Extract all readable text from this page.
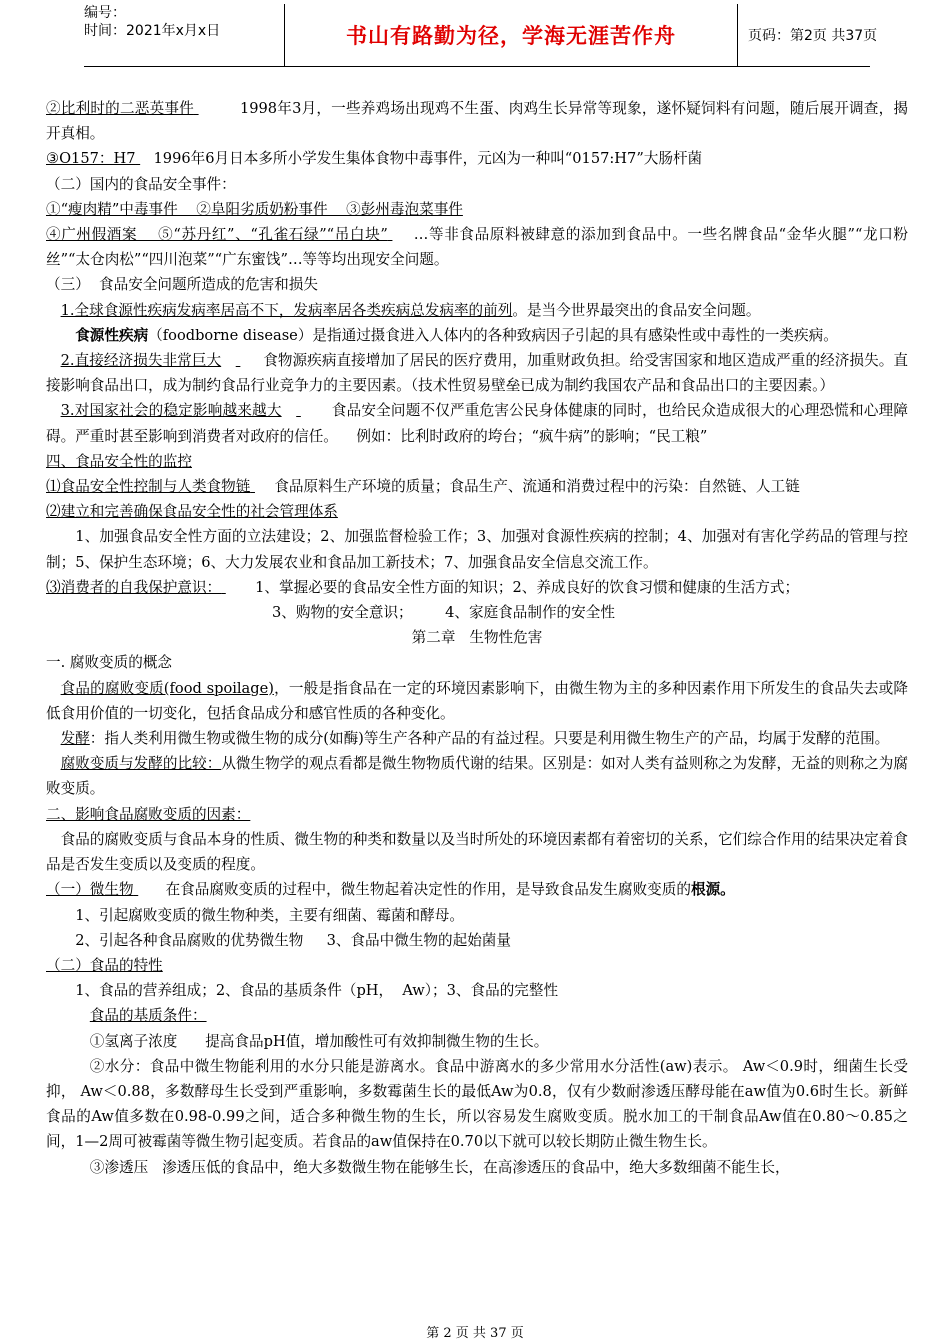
编号：
时间：2021年x月x日	书山有路勤为径，学海无涯苦作舟	页码：第2页 共37页

②比利时的二恶英事件	1998年3月，一些养鸡场出现鸡不生蛋、肉鸡生长异常等现象，遂怀疑饲料有问题，随后展开调查，揭开真相。

③O157：H7 1996年6月日本多所小学发生集体食物中毒事件，元凶为一种叫“0157:H7”大肠杆菌

（二）国内的食品安全事件：

①“瘦肉精”中毒事件    ②阜阳劣质奶粉事件    ③彭州毒泡菜事件

④广州假酒案    ⑤“苏丹红”、“孔雀石绿”“吊白块” …等非食品原料被肆意的添加到食品中。一些名牌食品“金华火腿”“龙口粉丝”“太仓肉松”“四川泡菜”“广东蜜饯”…等等均出现安全问题。

（三）  食品安全问题所造成的危害和损失

1.全球食源性疾病发病率居高不下，发病率居各类疾病总发病率的前列。是当今世界最突出的食品安全问题。

食源性疾病（foodborne disease）是指通过摄食进入人体内的各种致病因子引起的具有感染性或中毒性的一类疾病。

2.直接经济损失非常巨大	食物源疾病直接增加了居民的医疗费用，加重财政负担。给受害国家和地区造成严重的经济损失。直接影响食品出口，成为制约食品行业竞争力的主要因素。（技术性贸易壁垒已成为制约我国农产品和食品出口的主要因素。）

3.对国家社会的稳定影响越来越大	食品安全问题不仅严重危害公民身体健康的同时，也给民众造成很大的心理恐慌和心理障碍。严重时甚至影响到消费者对政府的信任。    例如：比利时政府的垮台；“疯牛病”的影响；“民工粮”

四、食品安全性的监控

⑴食品安全性控制与人类食物链 食品原料生产环境的质量；食品生产、流通和消费过程中的污染：自然链、人工链

⑵建立和完善确保食品安全性的社会管理体系

1、加强食品安全性方面的立法建设；2、加强监督检验工作；3、加强对食源性疾病的控制；4、加强对有害化学药品的管理与控制；5、保护生态环境；6、大力发展农业和食品加工新技术；7、加强食品安全信息交流工作。

⑶消费者的自我保护意识： 1、掌握必要的食品安全性方面的知识；2、养成良好的饮食习惯和健康的生活方式；

3、购物的安全意识；       4、家庭食品制作的安全性

第二章   生物性危害

一. 腐败变质的概念

食品的腐败变质(food spoilage)，一般是指食品在一定的环境因素影响下，由微生物为主的多种因素作用下所发生的食品失去或降低食用价值的一切变化，包括食品成分和感官性质的各种变化。

发酵：指人类利用微生物或微生物的成分(如酶)等生产各种产品的有益过程。只要是利用微生物生产的产品，均属于发酵的范围。

腐败变质与发酵的比较：从微生物学的观点看都是微生物物质代谢的结果。区别是：如对人类有益则称之为发酵，无益的则称之为腐败变质。

二、影响食品腐败变质的因素：

食品的腐败变质与食品本身的性质、微生物的种类和数量以及当时所处的环境因素都有着密切的关系，它们综合作用的结果决定着食品是否发生变质以及变质的程度。

（一）微生物 在食品腐败变质的过程中，微生物起着决定性的作用，是导致食品发生腐败变质的根源。

1、引起腐败变质的微生物种类，主要有细菌、霉菌和酵母。

2、引起各种食品腐败的优势微生物     3、食品中微生物的起始菌量

（二）食品的特性

1、食品的营养组成；2、食品的基质条件（pH，  Aw）；3、食品的完整性

食品的基质条件：

①氢离子浓度      提高食品pH值，增加酸性可有效抑制微生物的生长。

②水分：食品中微生物能利用的水分只能是游离水。食品中游离水的多少常用水分活性(aw)表示。 Aw＜0.9时，细菌生长受抑， Aw＜0.88，多数酵母生长受到严重影响，多数霉菌生长的最低Aw为0.8，仅有少数耐渗透压酵母能在aw值为0.6时生长。新鲜食品的Aw值多数在0.98-0.99之间，适合多种微生物的生长，所以容易发生腐败变质。脱水加工的干制食品Aw值在0.80～0.85之间，1—2周可被霉菌等微生物引起变质。若食品的aw值保持在0.70以下就可以较长期防止微生物生长。

③渗透压   渗透压低的食品中，绝大多数微生物在能够生长，在高渗透压的食品中，绝大多数细菌不能生长，

第 2 页 共 37 页
